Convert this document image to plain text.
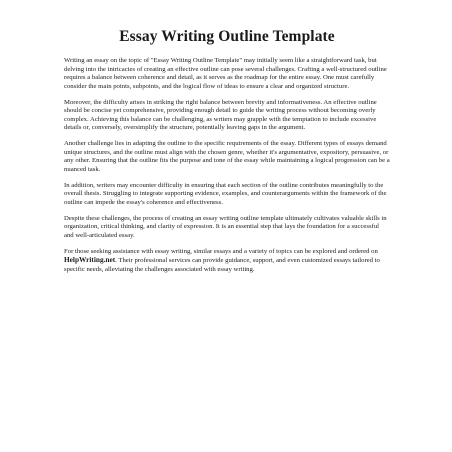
Essay Writing Outline Template

Writing an essay on the topic of "Essay Writing Outline Template" may initially seem like a straightforward task, but delving into the intricacies of creating an effective outline can pose several challenges. Crafting a well-structured outline requires a balance between coherence and detail, as it serves as the roadmap for the entire essay. One must carefully consider the main points, subpoints, and the logical flow of ideas to ensure a clear and organized structure.

Moreover, the difficulty arises in striking the right balance between brevity and informativeness. An effective outline should be concise yet comprehensive, providing enough detail to guide the writing process without becoming overly complex. Achieving this balance can be challenging, as writers may grapple with the temptation to include excessive details or, conversely, oversimplify the structure, potentially leaving gaps in the argument.

Another challenge lies in adapting the outline to the specific requirements of the essay. Different types of essays demand unique structures, and the outline must align with the chosen genre, whether it's argumentative, expository, persuasive, or any other. Ensuring that the outline fits the purpose and tone of the essay while maintaining a logical progression can be a nuanced task.

In addition, writers may encounter difficulty in ensuring that each section of the outline contributes meaningfully to the overall thesis. Struggling to integrate supporting evidence, examples, and counterarguments within the framework of the outline can impede the essay's coherence and effectiveness.

Despite these challenges, the process of creating an essay writing outline template ultimately cultivates valuable skills in organization, critical thinking, and clarity of expression. It is an essential step that lays the foundation for a successful and well-articulated essay.

For those seeking assistance with essay writing, similar essays and a variety of topics can be explored and ordered on HelpWriting.net. Their professional services can provide guidance, support, and even customized essays tailored to specific needs, alleviating the challenges associated with essay writing.
